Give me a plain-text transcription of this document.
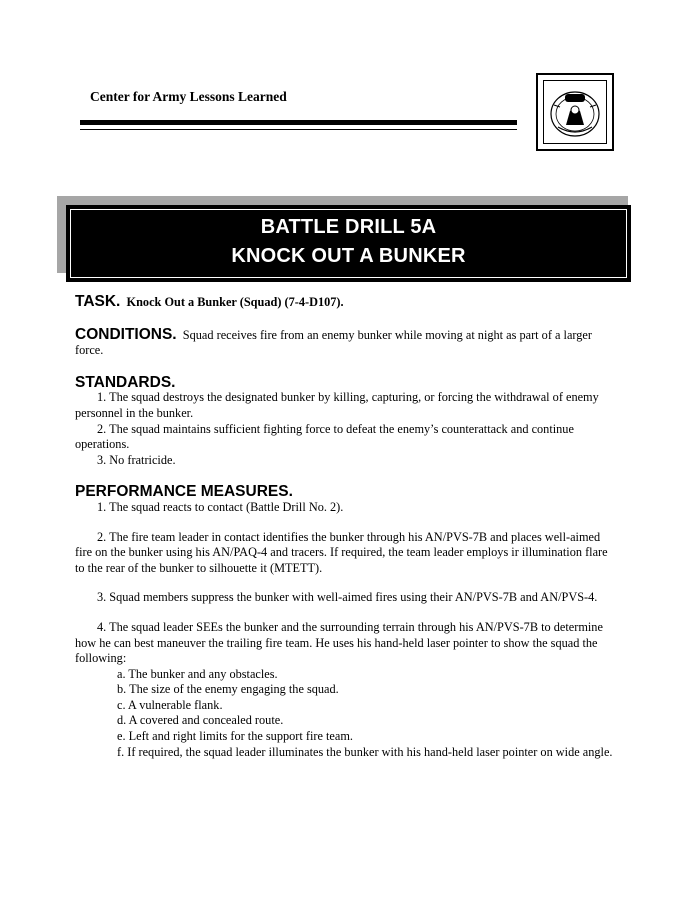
Center for Army Lessons Learned
BATTLE DRILL 5A
KNOCK OUT A BUNKER
TASK. Knock Out a Bunker (Squad) (7-4-D107).
CONDITIONS. Squad receives fire from an enemy bunker while moving at night as part of a larger force.
STANDARDS.

1. The squad destroys the designated bunker by killing, capturing, or forcing the withdrawal of enemy personnel in the bunker.

2. The squad maintains sufficient fighting force to defeat the enemy’s counterattack and continue operations.

3. No fratricide.

PERFORMANCE MEASURES.

1. The squad reacts to contact (Battle Drill No. 2).

2. The fire team leader in contact identifies the bunker through his AN/PVS-7B and places well-aimed fire on the bunker using his AN/PAQ-4 and tracers. If required, the team leader employs ir illumination flare to the rear of the bunker to silhouette it (MTETT).

3. Squad members suppress the bunker with well-aimed fires using their AN/PVS-7B and AN/PVS-4.

4. The squad leader SEEs the bunker and the surrounding terrain through his AN/PVS-7B to determine how he can best maneuver the trailing fire team. He uses his hand-held laser pointer to show the squad the following:

a. The bunker and any obstacles.

b. The size of the enemy engaging the squad.

c. A vulnerable flank.

d. A covered and concealed route.

e. Left and right limits for the support fire team.

f. If required, the squad leader illuminates the bunker with his hand-held laser pointer on wide angle.
